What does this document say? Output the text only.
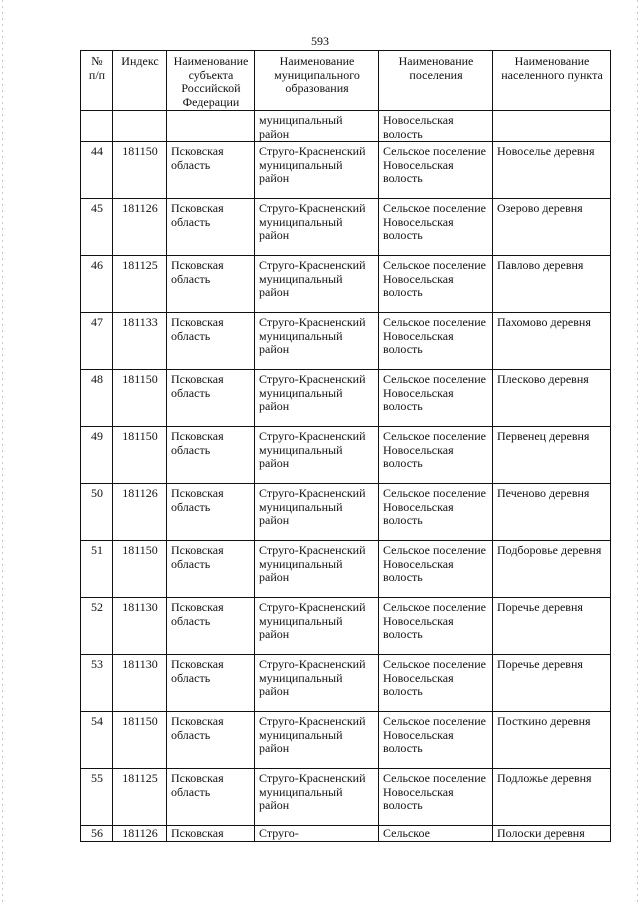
593
№ п/п	Индекс	Наименование субъекта Российской Федерации	Наименование муниципального образования	Наименование поселения	Наименование населенного пункта
			муниципальный район	Новосельская волость	
44	181150	Псковская область	Струго-Красненский муниципальный район	Сельское поселение Новосельская волость	Новоселье деревня
45	181126	Псковская область	Струго-Красненский муниципальный район	Сельское поселение Новосельская волость	Озерово деревня
46	181125	Псковская область	Струго-Красненский муниципальный район	Сельское поселение Новосельская волость	Павлово деревня
47	181133	Псковская область	Струго-Красненский муниципальный район	Сельское поселение Новосельская волость	Пахомово деревня
48	181150	Псковская область	Струго-Красненский муниципальный район	Сельское поселение Новосельская волость	Плесково деревня
49	181150	Псковская область	Струго-Красненский муниципальный район	Сельское поселение Новосельская волость	Первенец деревня
50	181126	Псковская область	Струго-Красненский муниципальный район	Сельское поселение Новосельская волость	Печеново деревня
51	181150	Псковская область	Струго-Красненский муниципальный район	Сельское поселение Новосельская волость	Подборовье деревня
52	181130	Псковская область	Струго-Красненский муниципальный район	Сельское поселение Новосельская волость	Поречье деревня
53	181130	Псковская область	Струго-Красненский муниципальный район	Сельское поселение Новосельская волость	Поречье деревня
54	181150	Псковская область	Струго-Красненский муниципальный район	Сельское поселение Новосельская волость	Посткино деревня
55	181125	Псковская область	Струго-Красненский муниципальный район	Сельское поселение Новосельская волость	Подложье деревня
56	181126	Псковская	Струго-	Сельское	Полоски деревня
